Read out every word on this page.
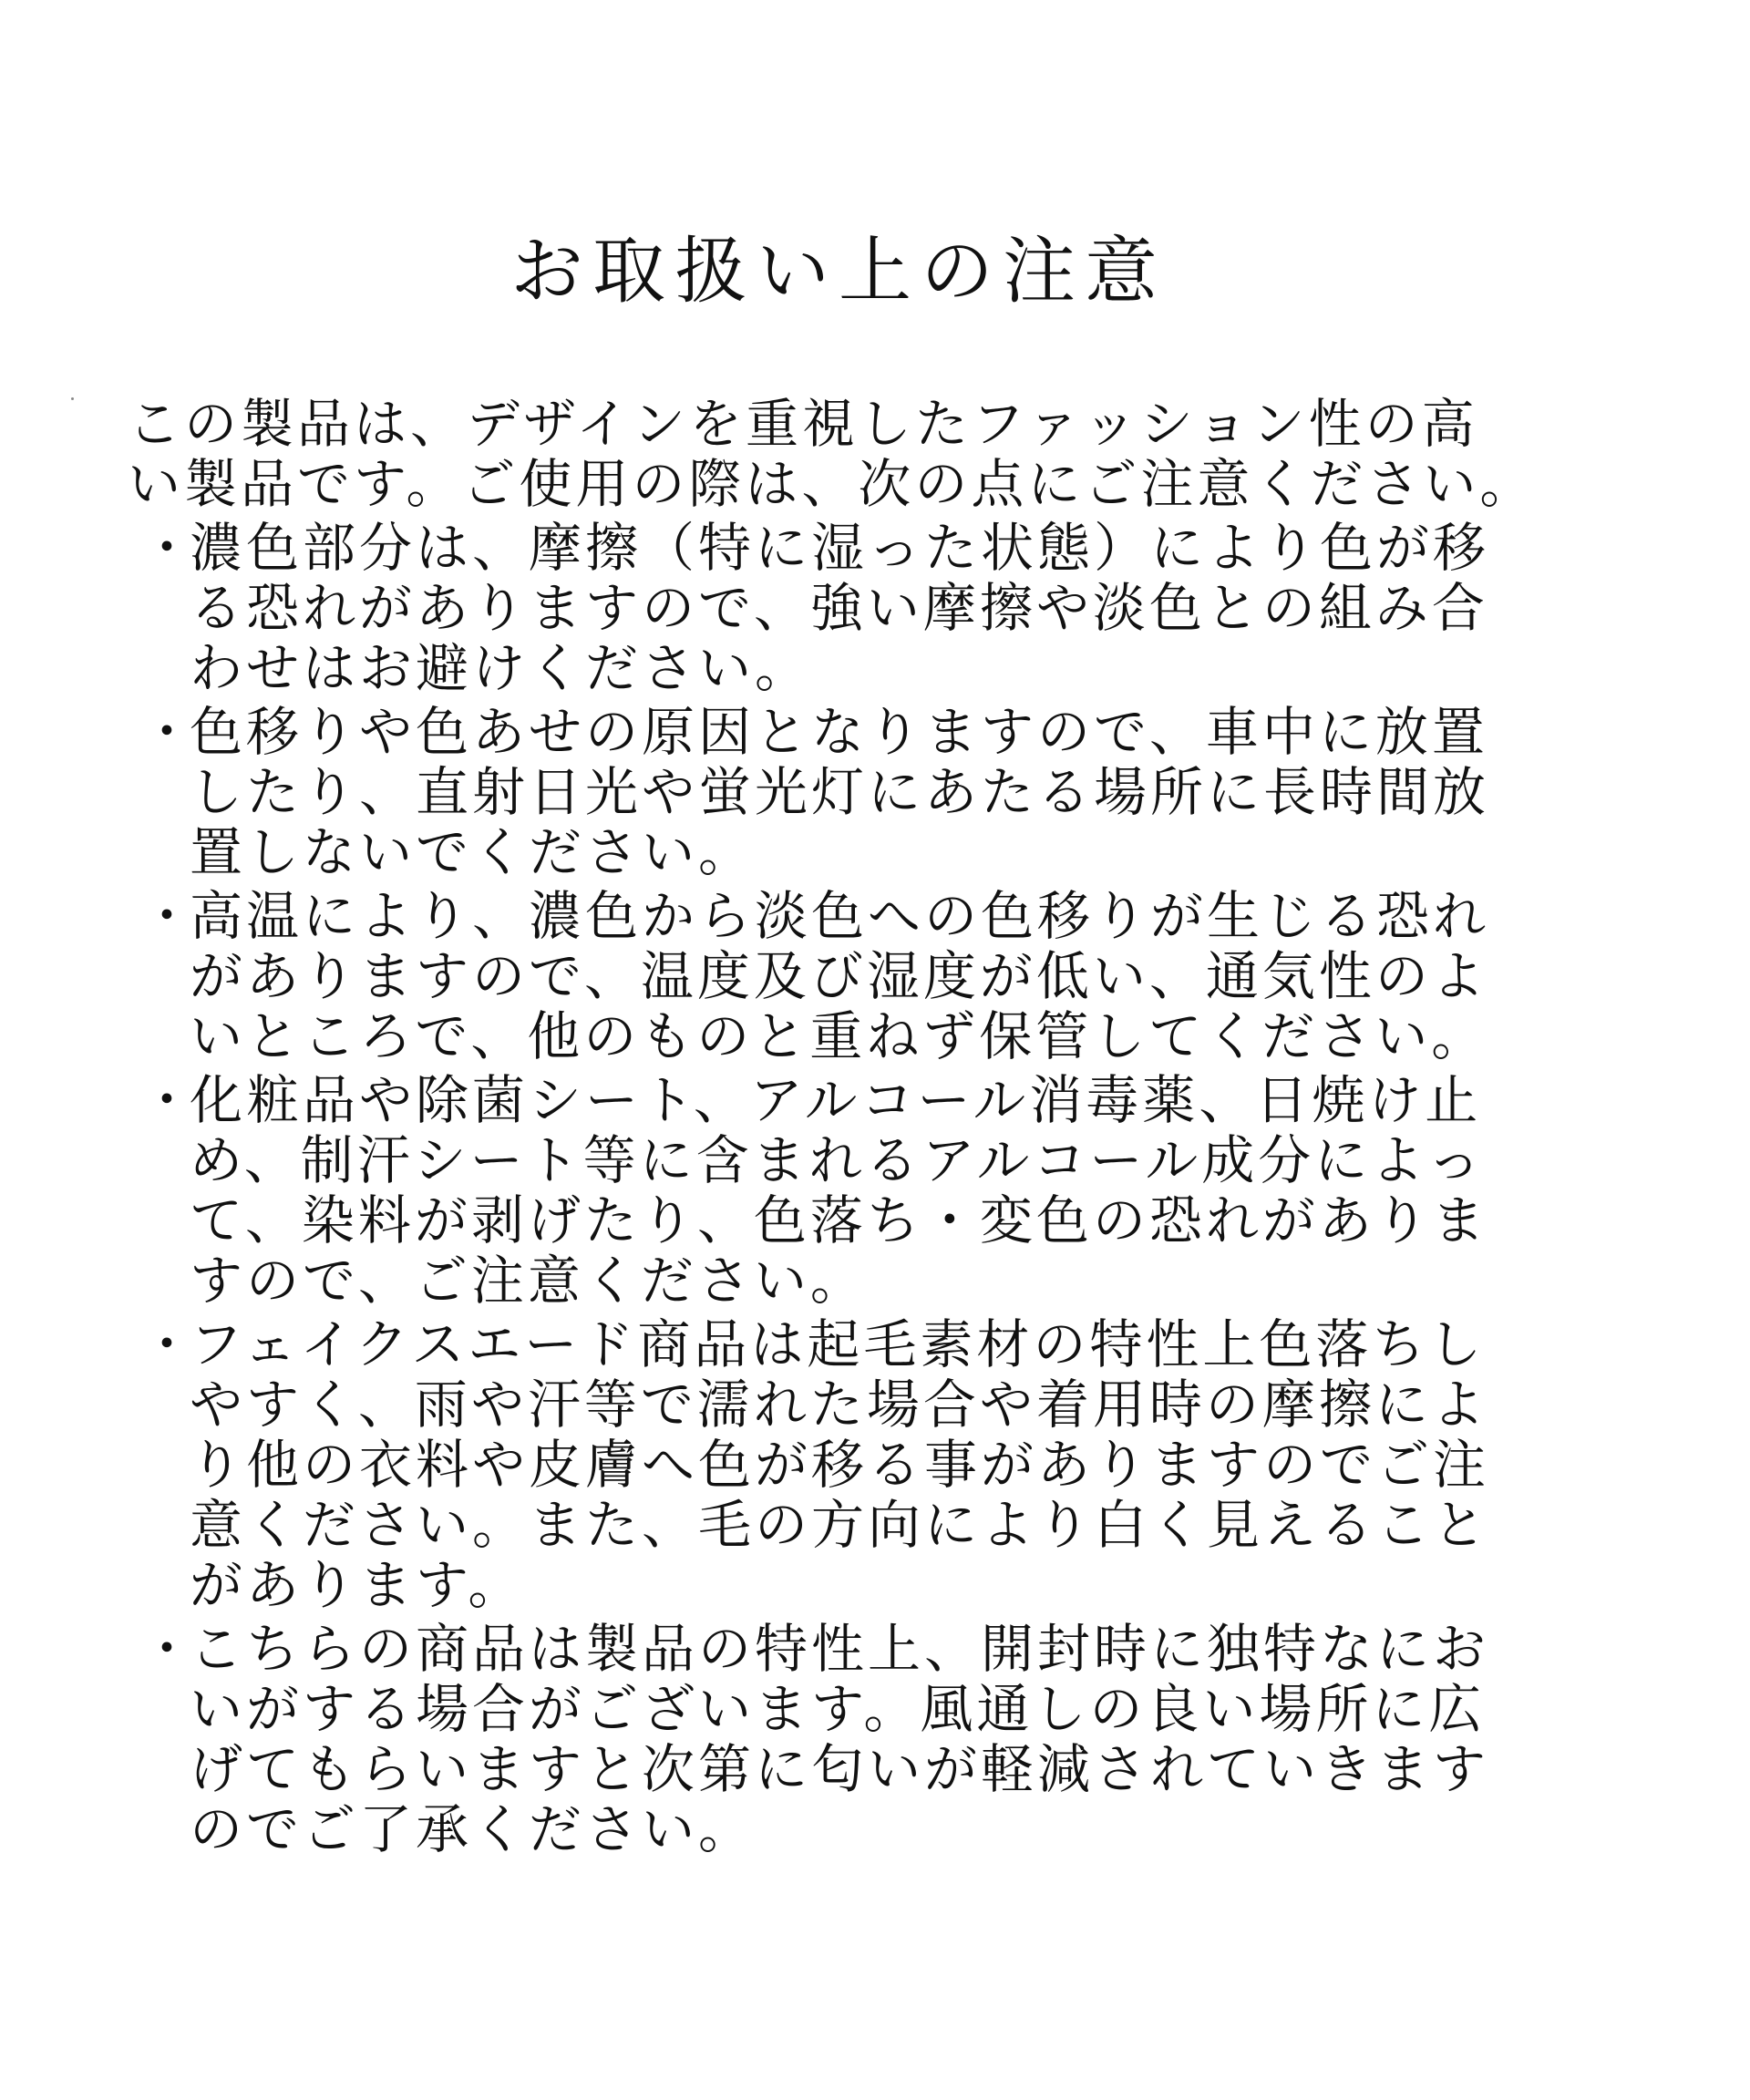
お取扱い上の注意

この製品は、デザインを重視したファッション性の高
い製品です。ご使用の際は、次の点にご注意ください。

・
濃色部分は、摩擦（特に湿った状態）により色が移
る恐れがありますので、強い摩擦や淡色との組み合
わせはお避けください。
・
色移りや色あせの原因となりますので、車中に放置
したり、直射日光や蛍光灯にあたる場所に長時間放
置しないでください。
・
高温により、濃色から淡色への色移りが生じる恐れ
がありますので、温度及び湿度が低い、通気性のよ
いところで、他のものと重ねず保管してください。
・
化粧品や除菌シート、アルコール消毒薬、日焼け止
め、制汗シート等に含まれるアルコール成分によっ
て、染料が剥げたり、色落ち・変色の恐れがありま
すので、ご注意ください。
・
フェイクスエード商品は起毛素材の特性上色落ちし
やすく、雨や汗等で濡れた場合や着用時の摩擦によ
り他の衣料や皮膚へ色が移る事がありますのでご注
意ください。また、毛の方向により白く見えること
があります。
・
こちらの商品は製品の特性上、開封時に独特なにお
いがする場合がございます。風通しの良い場所に広
げてもらいますと次第に匂いが軽減されていきます
のでご了承ください。
